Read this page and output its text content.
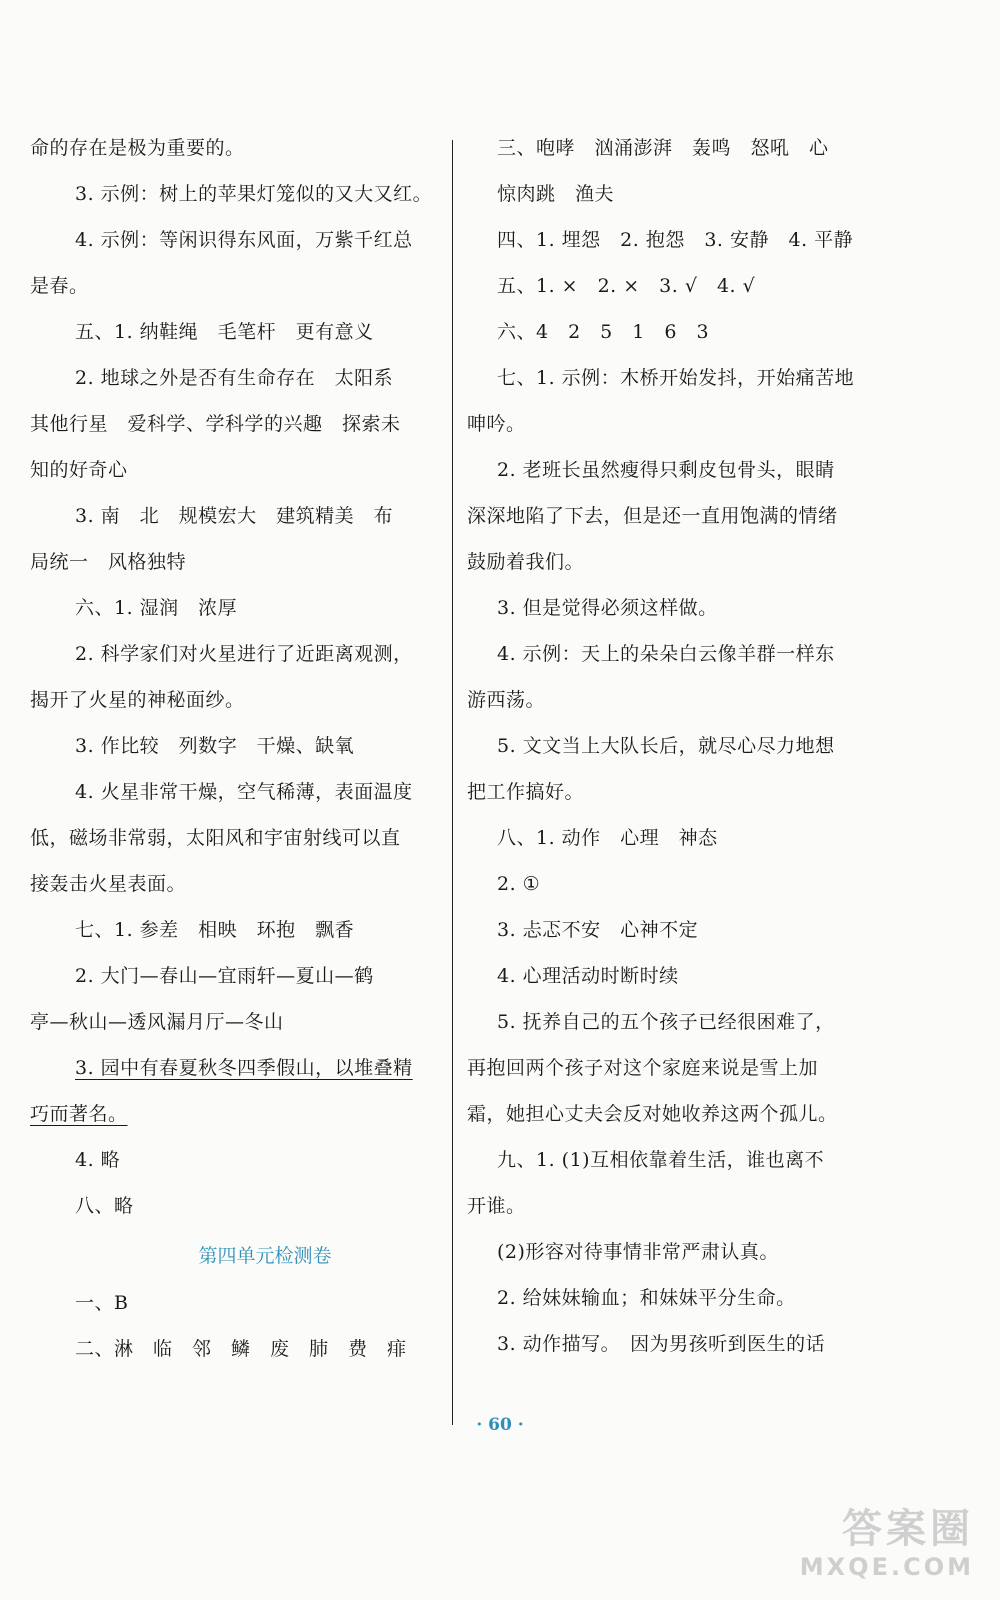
命的存在是极为重要的。
3. 示例：树上的苹果灯笼似的又大又红。
4. 示例：等闲识得东风面，万紫千红总
是春。
五、1. 纳鞋绳　毛笔杆　更有意义
2. 地球之外是否有生命存在　太阳系
其他行星　爱科学、学科学的兴趣　探索未
知的好奇心
3. 南　北　规模宏大　建筑精美　布
局统一　风格独特
六、1. 湿润　浓厚
2. 科学家们对火星进行了近距离观测，
揭开了火星的神秘面纱。
3. 作比较　列数字　干燥、缺氧
4. 火星非常干燥，空气稀薄，表面温度
低，磁场非常弱，太阳风和宇宙射线可以直
接轰击火星表面。
七、1. 参差　相映　环抱　飘香
2. 大门—春山—宜雨轩—夏山—鹤
亭—秋山—透风漏月厅—冬山
3. 园中有春夏秋冬四季假山，以堆叠精
巧而著名。
4. 略
八、略
第四单元检测卷
一、B
二、淋　临　邻　鳞　废　肺　费　痱
三、咆哮　汹涌澎湃　轰鸣　怒吼　心
惊肉跳　渔夫
四、1. 埋怨　2. 抱怨　3. 安静　4. 平静
五、1. ×　2. ×　3. √　4. √
六、4　2　5　1　6　3
七、1. 示例：木桥开始发抖，开始痛苦地
呻吟。
2. 老班长虽然瘦得只剩皮包骨头，眼睛
深深地陷了下去，但是还一直用饱满的情绪
鼓励着我们。
3. 但是觉得必须这样做。
4. 示例：天上的朵朵白云像羊群一样东
游西荡。
5. 文文当上大队长后，就尽心尽力地想
把工作搞好。
八、1. 动作　心理　神态
2. ①
3. 忐忑不安　心神不定
4. 心理活动时断时续
5. 抚养自己的五个孩子已经很困难了，
再抱回两个孩子对这个家庭来说是雪上加
霜，她担心丈夫会反对她收养这两个孤儿。
九、1. (1)互相依靠着生活，谁也离不
开谁。
(2)形容对待事情非常严肃认真。
2. 给妹妹输血；和妹妹平分生命。
3. 动作描写。　因为男孩听到医生的话
· 60 ·
答案圈
MXQE.COM
